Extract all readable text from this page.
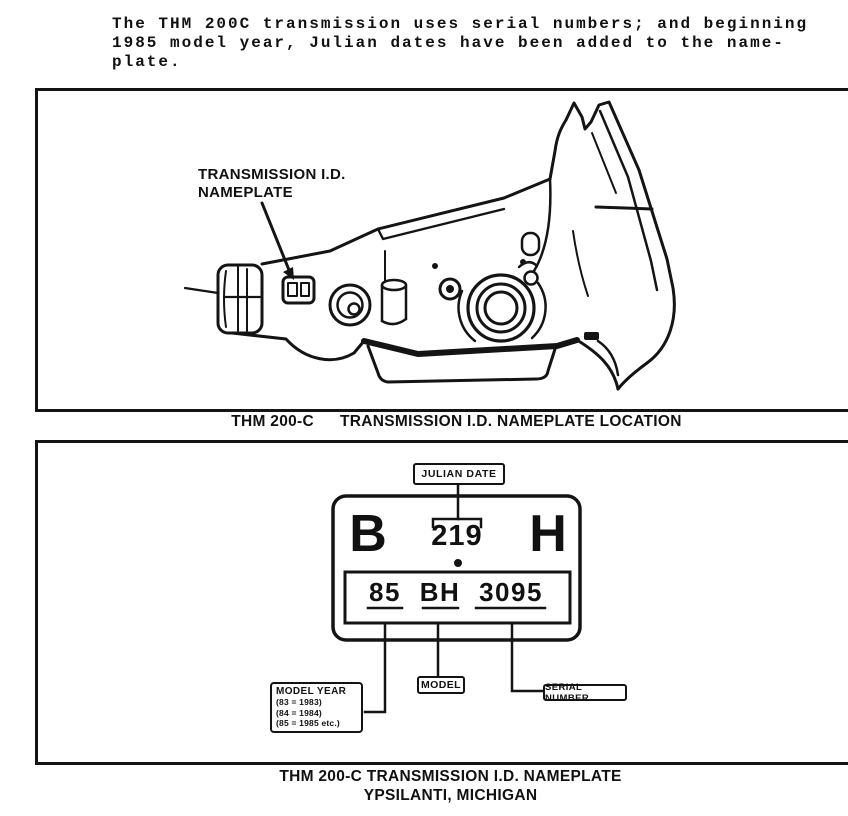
The THM 200C transmission uses serial numbers; and beginning
1985 model year, Julian dates have been added to the name-
plate.
TRANSMISSION I.D.
NAMEPLATE
THM 200-C TRANSMISSION I.D. NAMEPLATE LOCATION
JULIAN DATE
B	219 H
85 BH 3095
MODEL YEAR
(83 = 1983)
(84 = 1984)
(85 = 1985 etc.)
MODEL	SERIAL NUMBER
THM 200-C TRANSMISSION I.D. NAMEPLATE
YPSILANTI, MICHIGAN
